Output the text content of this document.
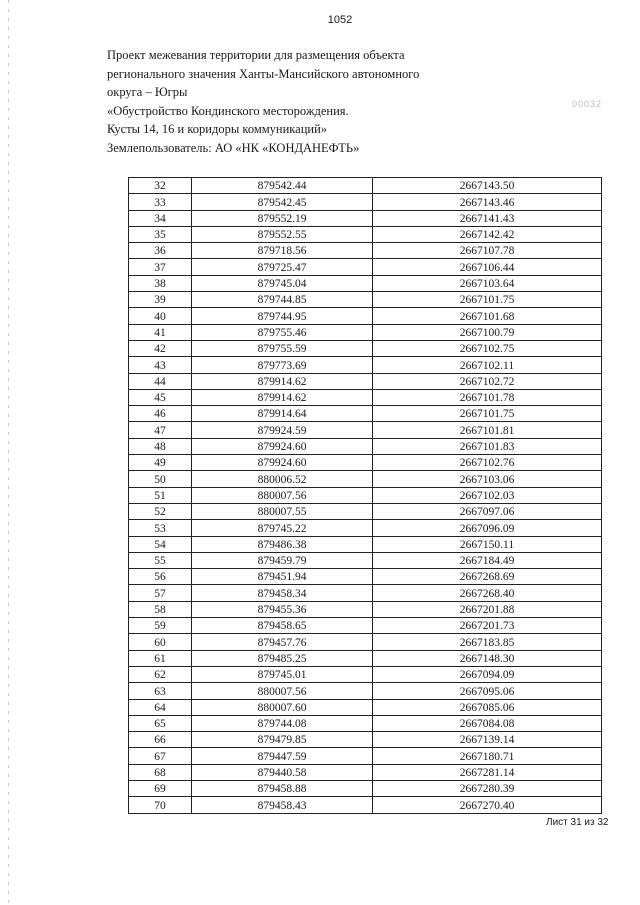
1052
Проект межевания территории для размещения объекта
регионального значения Ханты-Мансийского автономного
округа – Югры
«Обустройство Кондинского месторождения.
Кусты 14, 16 и коридоры коммуникаций»
Землепользователь: АО «НК «КОНДАНЕФТЬ»
00032
32	879542.44	2667143.50
33	879542.45	2667143.46
34	879552.19	2667141.43
35	879552.55	2667142.42
36	879718.56	2667107.78
37	879725.47	2667106.44
38	879745.04	2667103.64
39	879744.85	2667101.75
40	879744.95	2667101.68
41	879755.46	2667100.79
42	879755.59	2667102.75
43	879773.69	2667102.11
44	879914.62	2667102.72
45	879914.62	2667101.78
46	879914.64	2667101.75
47	879924.59	2667101.81
48	879924.60	2667101.83
49	879924.60	2667102.76
50	880006.52	2667103.06
51	880007.56	2667102.03
52	880007.55	2667097.06
53	879745.22	2667096.09
54	879486.38	2667150.11
55	879459.79	2667184.49
56	879451.94	2667268.69
57	879458.34	2667268.40
58	879455.36	2667201.88
59	879458.65	2667201.73
60	879457.76	2667183.85
61	879485.25	2667148.30
62	879745.01	2667094.09
63	880007.56	2667095.06
64	880007.60	2667085.06
65	879744.08	2667084.08
66	879479.85	2667139.14
67	879447.59	2667180.71
68	879440.58	2667281.14
69	879458.88	2667280.39
70	879458.43	2667270.40
Лист 31 из 32
